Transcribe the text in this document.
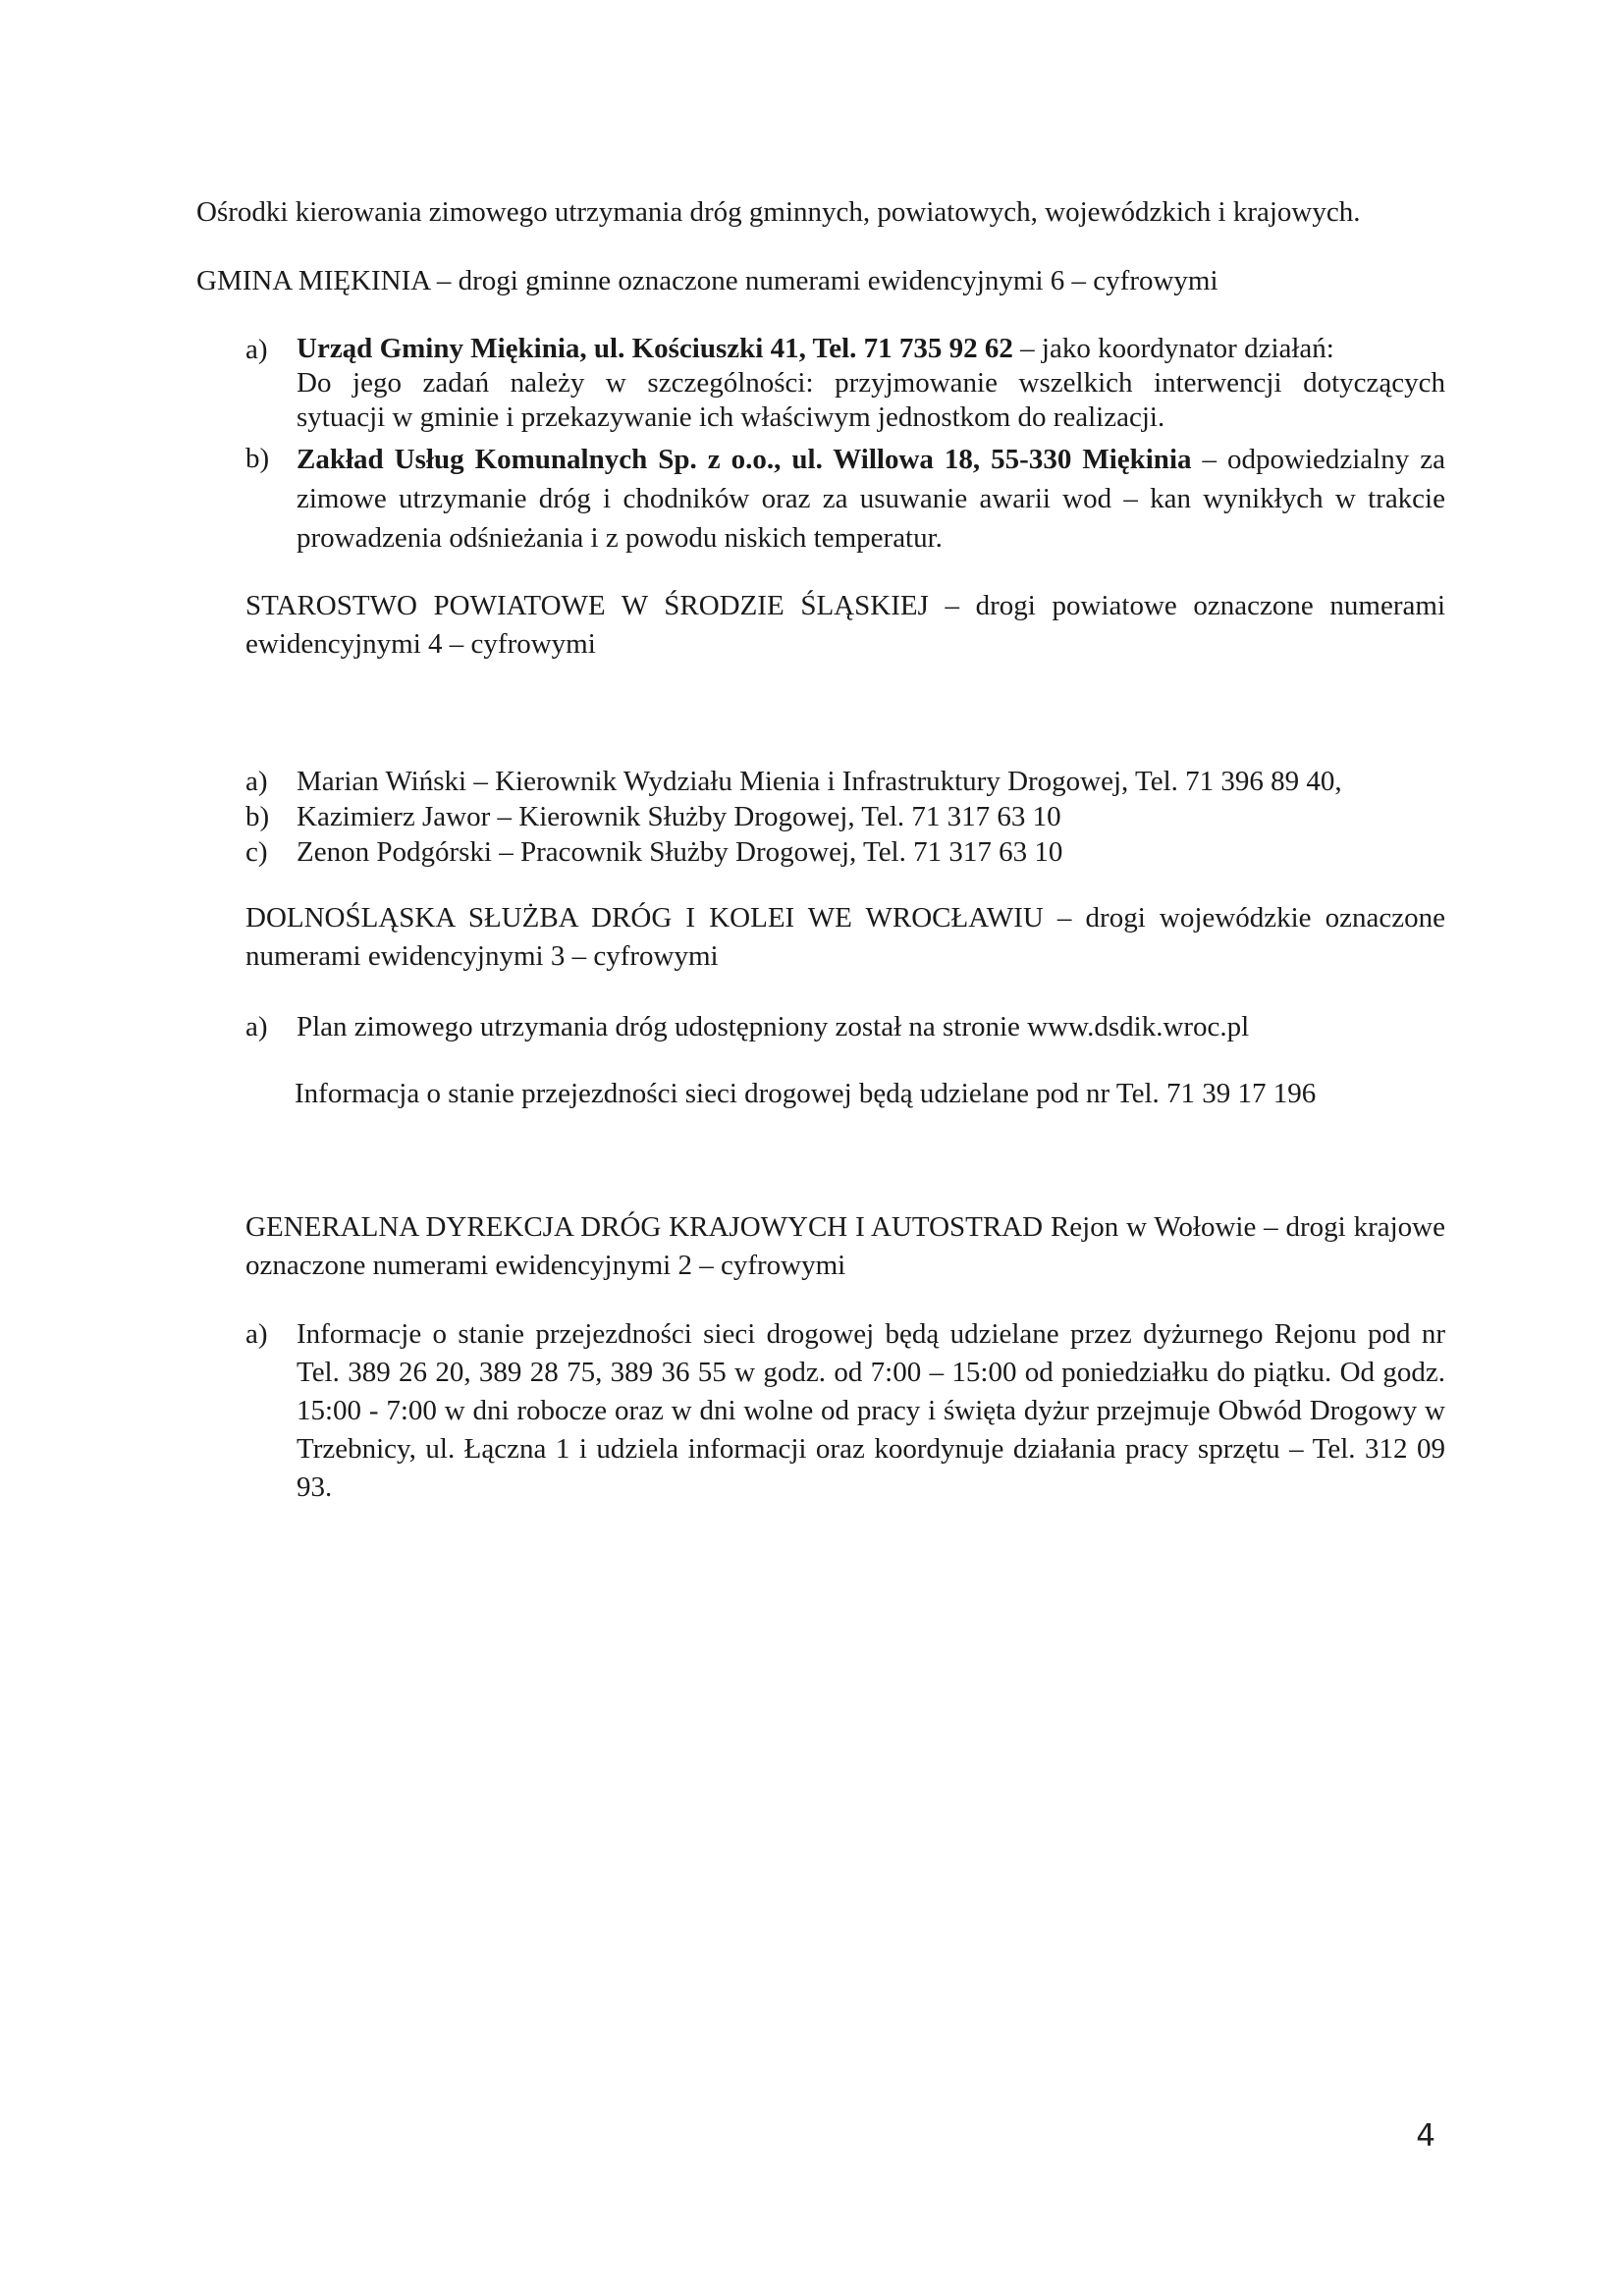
Ośrodki kierowania zimowego utrzymania dróg gminnych, powiatowych, wojewódzkich i krajowych.
GMINA MIĘKINIA – drogi gminne oznaczone numerami ewidencyjnymi 6 – cyfrowymi
a) Urząd Gminy Miękinia, ul. Kościuszki 41, Tel. 71 735 92 62 – jako koordynator działań:
Do jego zadań należy w szczególności: przyjmowanie wszelkich interwencji dotyczących
sytuacji w gminie i przekazywanie ich właściwym jednostkom do realizacji.
b) Zakład Usług Komunalnych Sp. z o.o., ul. Willowa 18, 55-330 Miękinia – odpowiedzialny za zimowe utrzymanie dróg i chodników oraz za usuwanie awarii wod – kan wynikłych w trakcie prowadzenia odśnieżania i z powodu niskich temperatur.
STAROSTWO POWIATOWE W ŚRODZIE ŚLĄSKIEJ – drogi powiatowe oznaczone numerami ewidencyjnymi 4 – cyfrowymi
a) Marian Wiński – Kierownik Wydziału Mienia i Infrastruktury Drogowej, Tel. 71 396 89 40,
b) Kazimierz Jawor – Kierownik Służby Drogowej, Tel. 71 317 63 10
c) Zenon Podgórski – Pracownik Służby Drogowej, Tel. 71 317 63 10
DOLNOŚLĄSKA SŁUŻBA DRÓG I KOLEI WE WROCŁAWIU – drogi wojewódzkie oznaczone numerami ewidencyjnymi 3 – cyfrowymi
a) Plan zimowego utrzymania dróg udostępniony został na stronie www.dsdik.wroc.pl
Informacja o stanie przejezdności sieci drogowej będą udzielane pod nr Tel. 71 39 17 196
GENERALNA DYREKCJA DRÓG KRAJOWYCH I AUTOSTRAD Rejon w Wołowie – drogi krajowe oznaczone numerami ewidencyjnymi 2 – cyfrowymi
a) Informacje o stanie przejezdności sieci drogowej będą udzielane przez dyżurnego Rejonu pod nr Tel. 389 26 20, 389 28 75, 389 36 55 w godz. od 7:00 – 15:00 od poniedziałku do piątku. Od godz. 15:00 - 7:00 w dni robocze oraz w dni wolne od pracy i święta dyżur przejmuje Obwód Drogowy w Trzebnicy, ul. Łączna 1 i udziela informacji oraz koordynuje działania pracy sprzętu – Tel. 312 09 93.
4
